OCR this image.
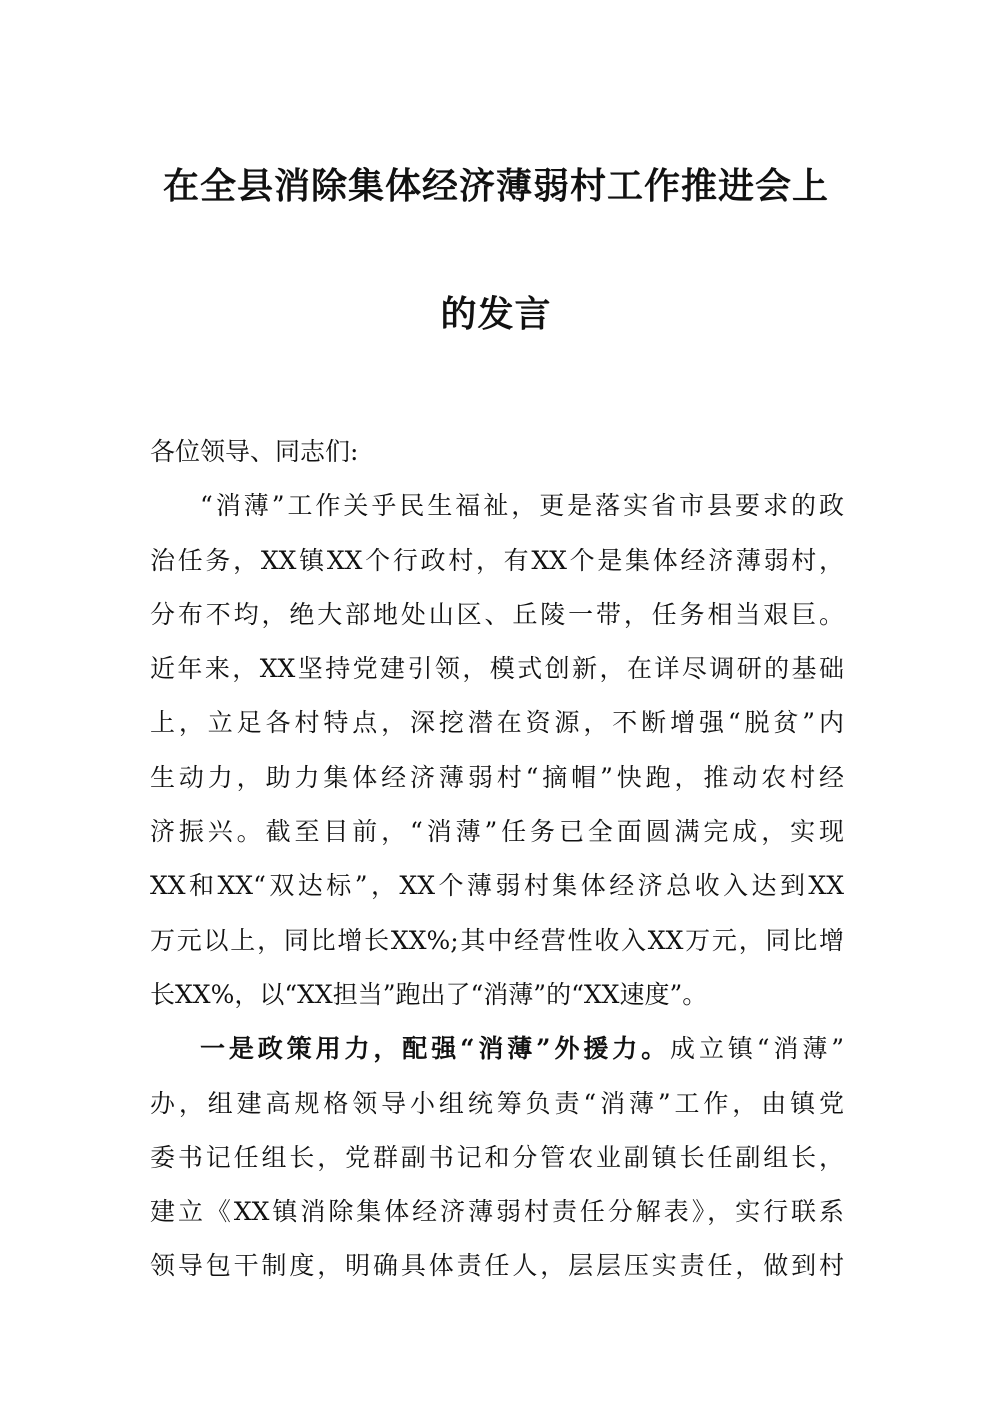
在全县消除集体经济薄弱村工作推进会上
的发言
各位领导、同志们:
“消薄”工作关乎民生福祉，更是落实省市县要求的政
治任务，XX镇XX个行政村，有XX个是集体经济薄弱村，
分布不均，绝大部地处山区、丘陵一带，任务相当艰巨。
近年来，XX坚持党建引领，模式创新，在详尽调研的基础
上，立足各村特点，深挖潜在资源，不断增强“脱贫”内
生动力，助力集体经济薄弱村“摘帽”快跑，推动农村经
济振兴。截至目前，“消薄”任务已全面圆满完成，实现
XX和XX“双达标”，XX个薄弱村集体经济总收入达到XX
万元以上，同比增长XX%;其中经营性收入XX万元，同比增
长XX%，以“XX担当”跑出了“消薄”的“XX速度”。
一是政策用力，配强“消薄”外援力。成立镇“消薄”
办，组建高规格领导小组统筹负责“消薄”工作，由镇党
委书记任组长，党群副书记和分管农业副镇长任副组长，
建立《XX镇消除集体经济薄弱村责任分解表》，实行联系
领导包干制度，明确具体责任人，层层压实责任，做到村
